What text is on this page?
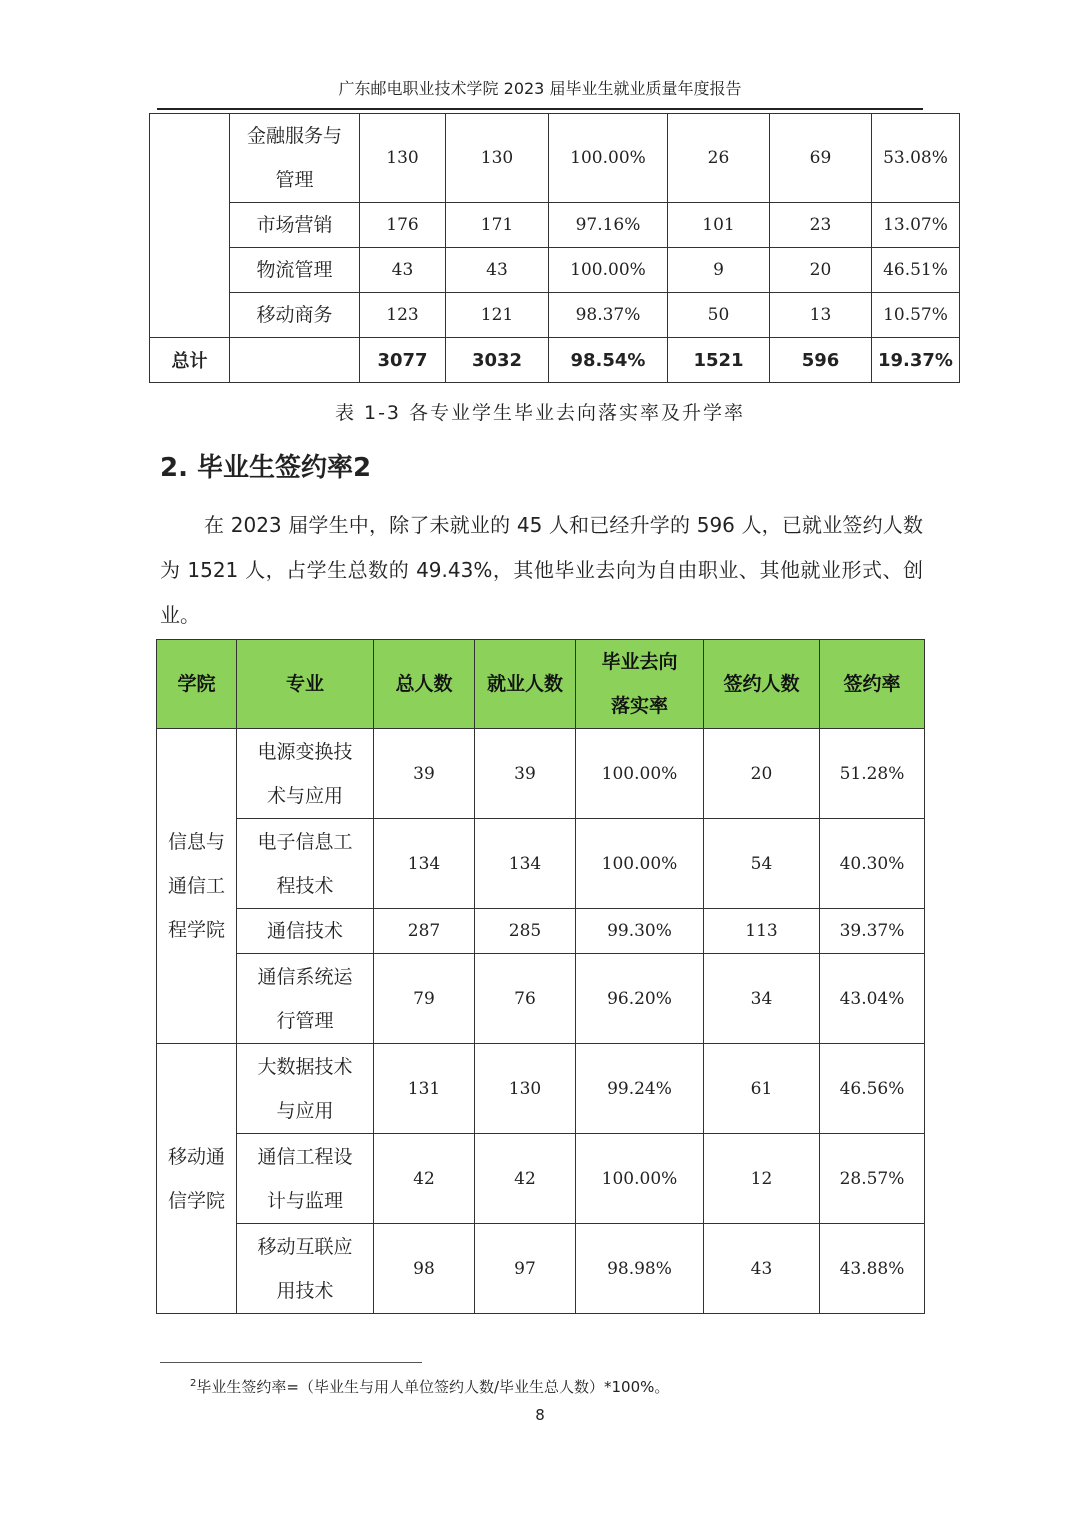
广东邮电职业技术学院 2023 届毕业生就业质量年度报告
	金融服务与管理	130	130	100.00%	26	69	53.08%
	市场营销	176	171	97.16%	101	23	13.07%
	物流管理	43	43	100.00%	9	20	46.51%
	移动商务	123	121	98.37%	50	13	10.57%
总计		3077	3032	98.54%	1521	596	19.37%
表 1-3 各专业学生毕业去向落实率及升学率
2. 毕业生签约率2
在 2023 届学生中，除了未就业的 45 人和已经升学的 596 人，已就业签约人数为 1521 人，占学生总数的 49.43%，其他毕业去向为自由职业、其他就业形式、创业。
学院	专业	总人数	就业人数	毕业去向落实率	签约人数	签约率
信息与通信工程学院	电源变换技术与应用	39	39	100.00%	20	51.28%
	电子信息工程技术	134	134	100.00%	54	40.30%
	通信技术	287	285	99.30%	113	39.37%
	通信系统运行管理	79	76	96.20%	34	43.04%
移动通信学院	大数据技术与应用	131	130	99.24%	61	46.56%
	通信工程设计与监理	42	42	100.00%	12	28.57%
	移动互联应用技术	98	97	98.98%	43	43.88%
$^2$毕业生签约率=（毕业生与用人单位签约人数/毕业生总人数）*100%。
8
